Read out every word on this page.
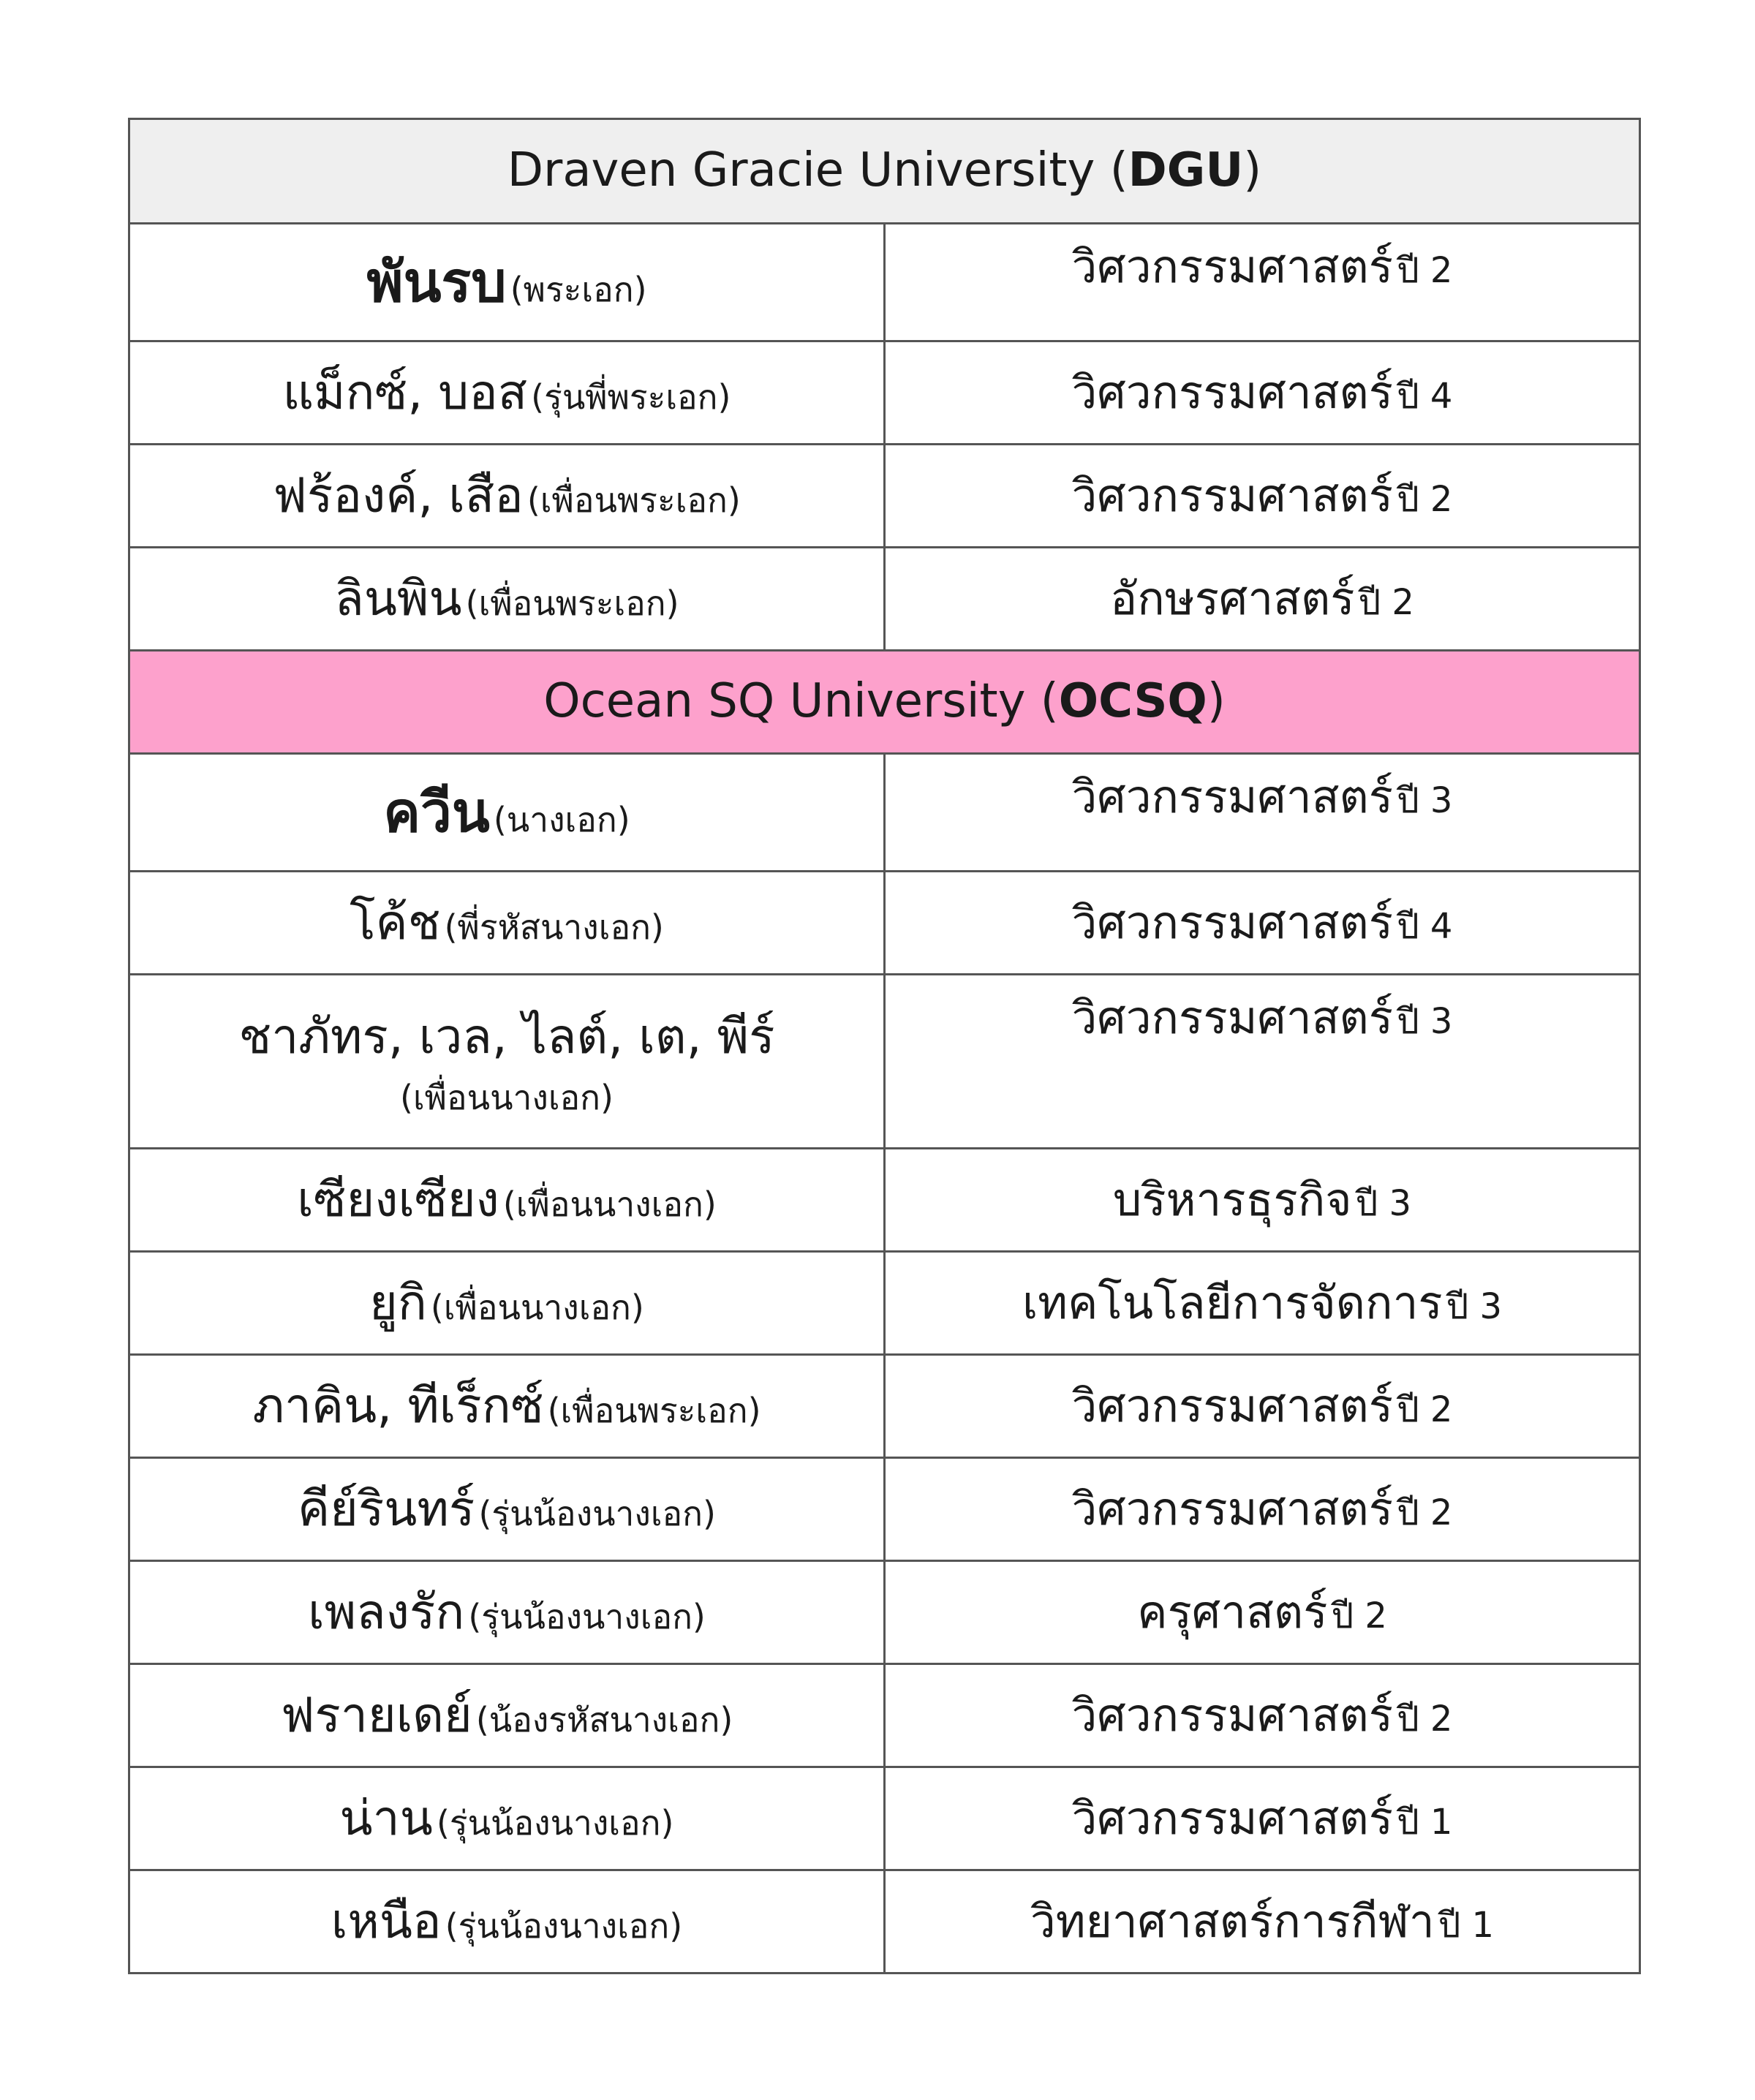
Draven Gracie University (DGU)	
พันรบ (พระเอก)	วิศวกรรมศาสตร์ ปี 2
แม็กซ์, บอส (รุ่นพี่พระเอก)	วิศวกรรมศาสตร์ ปี 4
ฟร้องค์, เสือ (เพื่อนพระเอก)	วิศวกรรมศาสตร์ ปี 2
ลินพิน (เพื่อนพระเอก)	อักษรศาสตร์ ปี 2
Ocean SQ University (OCSQ)	
ควีน (นางเอก)	วิศวกรรมศาสตร์ ปี 3
โค้ช (พี่รหัสนางเอก)	วิศวกรรมศาสตร์ ปี 4

ชาภัทร, เวล, ไลต์, เต, พีร์
(เพื่อนนางเอก)	วิศวกรรมศาสตร์ ปี 3
เซียงเซียง (เพื่อนนางเอก)	บริหารธุรกิจ ปี 3
ยูกิ (เพื่อนนางเอก)	เทคโนโลยีการจัดการ ปี 3
ภาคิน, ทีเร็กซ์ (เพื่อนพระเอก)	วิศวกรรมศาสตร์ ปี 2
คีย์รินทร์ (รุ่นน้องนางเอก)	วิศวกรรมศาสตร์ ปี 2
เพลงรัก (รุ่นน้องนางเอก)	ครุศาสตร์ ปี 2
ฟรายเดย์ (น้องรหัสนางเอก)	วิศวกรรมศาสตร์ ปี 2
น่าน (รุ่นน้องนางเอก)	วิศวกรรมศาสตร์ ปี 1
เหนือ (รุ่นน้องนางเอก)	วิทยาศาสตร์การกีฬา ปี 1
